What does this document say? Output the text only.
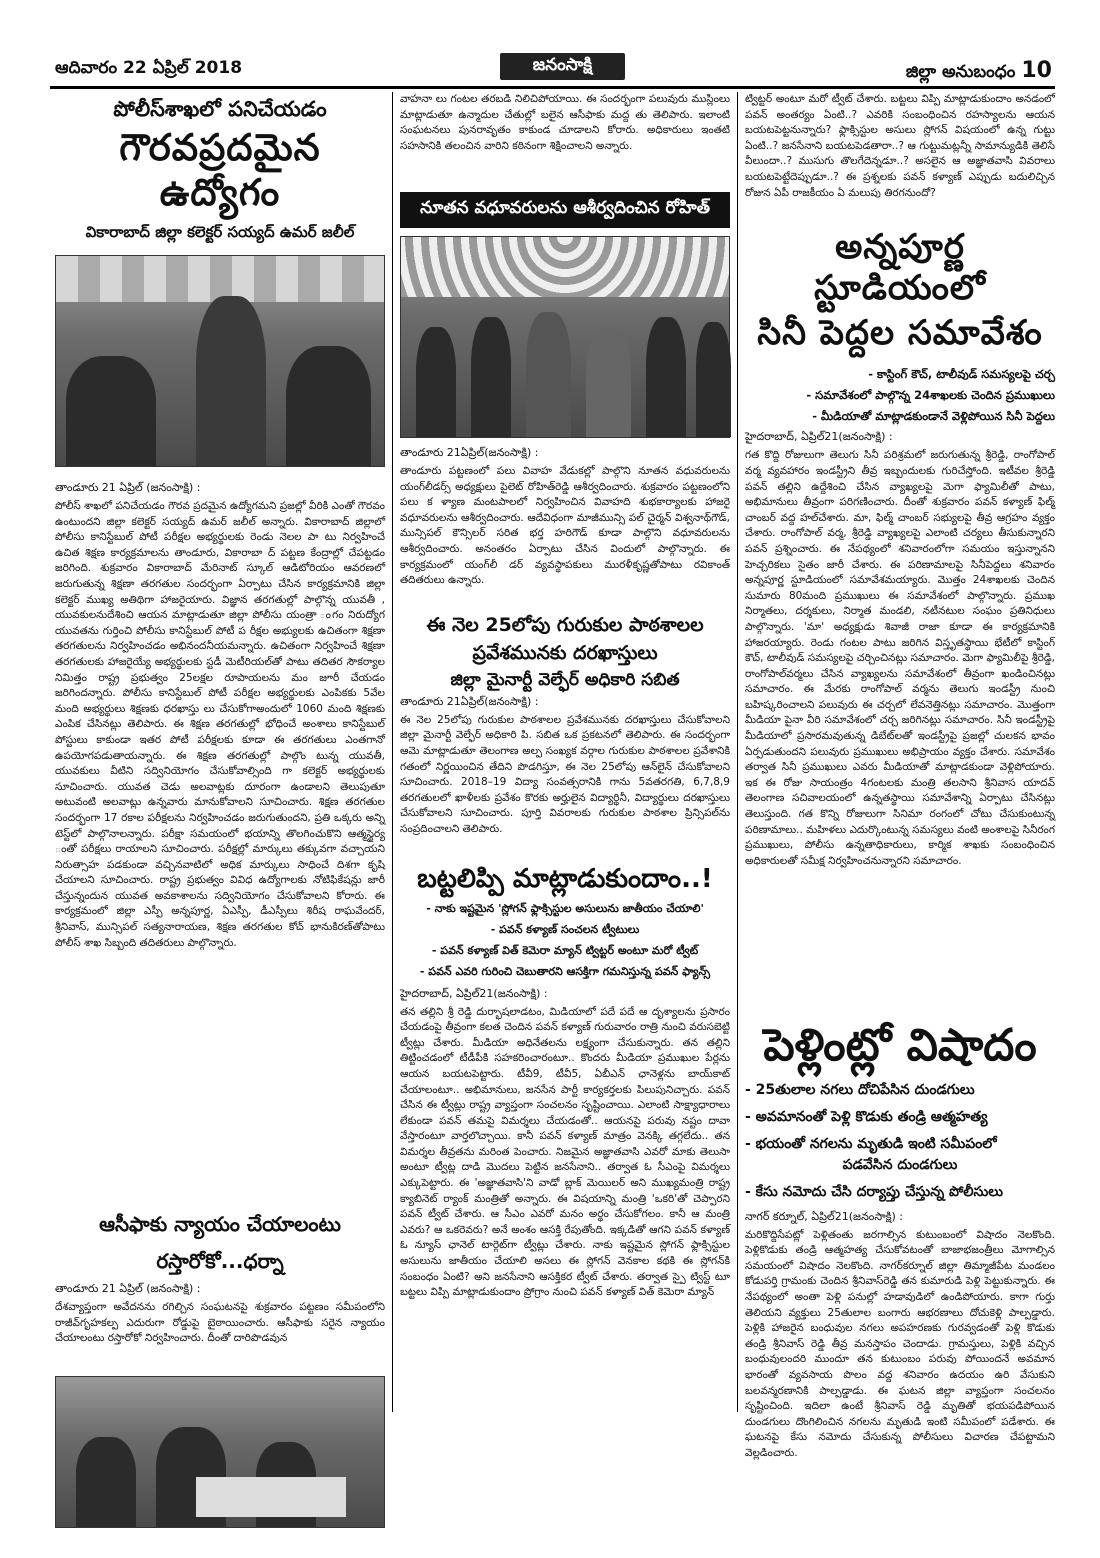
ఆదివారం 22 ఏప్రిల్ 2018	జనంసాక్షి	జిల్లా అనుబంధం 10
పోలీస్‌శాఖలో పనిచేయడం
గౌరవప్రదమైన ఉద్యోగం
వికారాబాద్ జిల్లా కలెక్టర్ సయ్యద్ ఉమర్ జలీల్
తాండూరు 21 ఏప్రిల్ (జనంసాక్షి) :
పోలీస్ శాఖలో పనిచేయడం గౌరవ ప్రదమైన ఉద్యోగమని ప్రజల్లో వీరికి ఎంతో గౌరవం ఉంటుందని జిల్లా కలెక్టర్ సయ్యద్ ఉమర్ జలీల్ అన్నారు. వికారాబాద్ జిల్లాలో పోలీసు కానిస్టేబుల్ పోటీ పరీక్షల అభ్యర్థులకు రెండు నెలల పా టు నిర్వహించే ఉచిత శిక్షణ కార్యక్రమాలను తాండూరు, వికారాబా ద్ పట్టణ కేంద్రాల్లో చేపట్టడం జరిగింది. శుక్రవారం వికారాబాద్ మేరినాట్ స్కూల్ ఆడిటోరియం ఆవరణలో జరుగుతున్న శిక్షణా తరగతుల సందర్భంగా ఏర్పాటు చేసిన కార్యక్రమానికి జిల్లా కలెక్టర్ ముఖ్య అతిథిగా హాజరైయారు. విజ్ఞాన తరగతుల్లో పాల్గొన్న యువతీ , యువకులనుదేశించి ఆయన మాట్లాడుతూ జిల్లా పోలీసు యంత్రా ంగం నిరుద్యోగ యువతను గుర్తించి పోలీసు కానిస్టేబుల్ పోటీ ప రీక్షల అభ్యులకు ఉచితంగా శిక్షణా తరగతులను నిర్వహించడం అభినందనీయమన్నారు. ఉచితంగా నిర్వహించే శిక్షణా తరగతులకు హాజరైయ్యే అభ్యర్థులకు స్టడీ మెటీరియల్‌తో పాటు తదితర సౌకర్యాల నిమిత్తం రాష్ట్ర ప్రభుత్వం 25లక్షల రూపాయలను మం జూరీ చేయడం జరిగిందన్నారు. పోలీసు కానిస్టేబుల్ పోటీ పరీక్షల అభ్యర్థులకు ఎంపికకు 5వేల మంది అభ్యర్థులు శిక్షణకు ధరఖాస్తు లు చేసుకోగాఅందులో 1060 మంది శిక్షణకు ఎంపిక చేసినట్లు తెలిపారు. ఈ శిక్షణ తరగతుల్లో భోధించే అంశాలు కానిస్టేబుల్ పోస్టులు కాకుండా ఇతర పోటీ పరీక్షలకు కూడా ఈ తరగతులు ఎంతగానో ఉపయోగపడుతాయన్నారు. ఈ శిక్షణ తరగతుల్లో పాల్గొం టున్న యువతీ, యువకులు వీటిని సద్వినియోగం చేసుకోవాల్సింది గా కలెక్టర్ అభ్యర్థులకు సూచించారు. యువత చెడు అలవాట్లకు దూరంగా ఉండాలని తెలుపుతూ అటువంటి అలవాట్లు ఉన్నవారు మానుకోవాలని సూచించారు. శిక్షణ తరగతుల సందర్భంగా 17 రకాల పరీక్షలను నిర్వహించడం జరుగుతుందని, ప్రతి ఒక్కరు అన్ని టెస్ట్‌లో పాల్గొనాలన్నారు. పరీక్షా సమయంలో భయాన్ని తొలగించుకొని ఆత్మస్థైర్య ంతో పరీక్షలు రాయాలని సూచించారు. పరీక్షల్లో మార్కులు తక్కువగా వచ్చాయని నిరుత్సాహ పడకుండా వచ్చినవాటిలో అధిక మార్కులు సాధించే దిశగా కృషి చేయాలని సూచించారు. రాష్ట్ర ప్రభుత్వం వివిధ ఉద్యోగాలకు నోటిఫికేషన్లు జారీ చేస్తున్నందున యువత అవకాశాలను సద్వినియోగం చేసుకోవాలని కోరారు. ఈ కార్యక్రమంలో జిల్లా ఎస్పీ అన్నపూర్ణ, ఏఎస్పీ, డీఎస్పీలు శిరీష రాఘవేందర్, శ్రీనివాస్, మున్సిపల్ సత్యనారాయణ, శిక్షణ తరగతుల కోచ్ భానుకిరణ్‌తోపాటు పోలీస్ శాఖ సిబ్బంది తదితరులు పాల్గొన్నారు.
ఆసీఫాకు న్యాయం చేయాలంటు
రస్తారోకో...ధర్నా
తాండూరు 21 ఏప్రిల్ (జనంసాక్షి) :
దేశవ్యాప్తంగా అవేదనను రగిల్చిన సంఘటనపై శుక్రవారం పట్టణం సమీపంలోని రాజీవ్‌గృహకల్ప ఎదురుగా రోడ్డుపై బైఠాయించారు. ఆసీఫాకు సరైన న్యాయం చేయాలంటు రస్తారోకో నిర్వహించారు. దీంతో దారిపొడవున
వాహనా లు గంటల తరబడి నిలిచిపోయాయి. ఈ సందర్భంగా పలువురు ముస్లింలు మాట్లాడుతూ ఉన్మాదుల చేతుల్లో బలైన ఆసీఫాకు మద్ద తు తెలిపారు. ఇలాంటి సంఘటనలు పునరావృతం కాకుండ చూడాలని కోరారు. అధికారులు ఇంతటి సహసానికి తలంచిన వారిని కఠినంగా శిక్షించాలని అన్నారు.
నూతన వధూవరులను ఆశీర్వదించిన రోహిత్
తాండూరు 21ఏప్రిల్(జనంసాక్షి) :
తాండూరు పట్టణంలో పలు వివాహ వేడుకల్లో పాల్గొని నూతన వధువరులను యంగ్‌లీడర్స్ అధ్యక్షులు పైలెట్ రోహిత్‌రెడ్డి ఆశీర్వదించారు. శుక్రవారం పట్టణంలోని పలు క ళ్యాణ మంటపాలలో నిర్వహించిన వివాహది శుభకార్యాలకు హాజరై వధూవరులను ఆశీర్వదించారు. ఆదేవిధంగా మాజీమున్సి పల్ చైర్మన్ విశ్వనాథ్‌గౌడ్, మున్సిపల్ కౌన్సిలర్ సరిత భర్త హరిగౌడ్ కూడా పాల్గొని వధూవరులను ఆశీర్వదించారు. అనంతరం ఏర్పాటు చేసిన విందులో పాల్గొన్నారు. ఈ కార్యక్రమంలో యంగ్‌లీ డర్ వ్యవస్థాపకులు మురళీకృష్ణతోపాటు రవికాంత్ తదితరులు ఉన్నారు.
ఈ నెల 25లోపు గురుకుల పాఠశాలల
ప్రవేశమునకు దరఖాస్తులు
జిల్లా మైనార్టీ వెల్ఫేర్ అధికారి సబిత
తాండూరు 21ఏప్రిల్(జనంసాక్షి) :
ఈ నెల 25లోపు గురుకుల పాఠశాలల ప్రవేశమునకు దరఖాస్తులు చేసుకోవాలని జిల్లా మైనార్టీ వెల్ఫేర్ అధికారి పి. సబిత ఒక ప్రకటనలో తెలిపారు. ఈ సందర్భంగా ఆమె మాట్లాడుతూ తెలంగాణ అల్ప సంఖ్యక వర్గాల గురుకుల పాఠశాలల ప్రవేశానికి గతంలో నిర్ణయించిన తేదిని పొడగిస్తూ, ఈ నెల 25లోపు ఆన్‌లైన్ చేసుకోవాలని సూచించారు. 2018–19 విద్యా సంవత్సరానికి గాను 5వతరగతి, 6,7,8,9 తరగతులలో ఖాళీలకు ప్రవేశం కొరకు అర్హులైన విద్యార్థినీ, విద్యార్థులు దరఖాస్తులు చేసుకోవాలని సూచించారు. పూర్తి వివరాలకు గురుకుల పాఠశాల ప్రిన్సిపల్‌ను సంప్రదించాలని తెలిపారు.
బట్టలిప్పి మాట్లాడుకుందాం..!
- నాకు ఇష్టమైన 'స్లోగన్ ఫ్లాక్సిస్టుల అసులును జాతీయం చేయాలి'
- పవన్ కళ్యాణ్ సంచలన ట్వీటులు
- పవన్ కళ్యాణ్ విత్ కెమెరా మ్యాన్ ట్విట్టర్ అంటూ మరో ట్వీట్
- పవన్ ఎవరి గురించి చెబుతారని ఆసక్తిగా గమనిస్తున్న పవన్ ఫ్యాన్స్
హైదరాబాద్, ఏప్రిల్21(జనంసాక్షి) :
తన తల్లిని శ్రీ రెడ్డి దుర్భాషలాడటం, మిడియాలో పదే పదే ఆ దృశ్యాలను ప్రసారం చేయడంపై తీవ్రంగా కలత చెందిన పవన్ కళ్యాణ్ గురువారం రాత్రి నుంచి వరుసబెట్టి ట్వీట్లు చేశారు. మీడియా అధినేతలను లక్ష్యంగా చేసుకున్నారు. తన తల్లిని తిట్టించడంలో టీడీపీకి సహకరించారంటూ.. కొందరు మీడియా ప్రముఖుల పేర్లను ఆయన బయటపెట్టారు. టీవీ9, టీవీ5, ఏబీఎన్ ఛానెళ్లను బాయ్‌కాట్ చేయాలంటూ.. అభిమానులు, జనసేన పార్టీ కార్యకర్తలకు పిలుపునిచ్చారు. పవన్ చేసిన ఈ ట్వీట్లు రాష్ట్ర వ్యాప్తంగా సంచలనం సృష్టించాయి. ఎలాంటి సాక్ష్యాధారాలు లేకుండా పవన్ తమపై విమర్శలు చేయడంతో.. ఆయనపై పరువు నష్టం దావా వేస్తారంటూ వార్తలొచ్చాయి. కానీ పవన్ కళ్యాణ్ మాత్రం వెనక్కి తగ్గలేదు.. తన విమర్శల తీవ్రతను మరింత పెంచారు. నిజమైన అజ్ఞాతవాసి ఎవరో మాకు తెలుసా అంటూ ట్వీట్ల దాడి మొదలు పెట్టిన జనసేనాని.. తర్వాత ఓ సీఎంపై విమర్శలు ఎక్కుపెట్టారు. ఈ 'అజ్ఞాతవాసి'ని వాడో బ్లాక్ మెయిలర్ అని ముఖ్యమంత్రి రాష్ట్ర క్యాబినెట్ ర్యాంక్ మంత్రితో అన్నారు. ఈ విషయాన్ని మంత్రి 'ఒకరి'తో చెప్పారని పవన్ ట్వీట్ చేశారు. ఆ సీఎం ఎవరో మనం అర్థం చేసుకోగలం. కానీ ఆ మంత్రి ఎవరు? ఆ ఒకరెవరు? అనే అంశం ఆసక్తి రేపుతోంది. ఇక్కడితో ఆగని పవన్ కళ్యాణ్ ఓ న్యూస్ ఛానెల్ టార్గెట్‌గా ట్వీట్లు చేశారు. నాకు ఇష్టమైన స్లోగన్ ఫ్లాక్సిస్టుల అసులును జాతీయం చేయాలి అసలు ఈ స్లోగన్ వెనకాల కథకి ఈ స్లోగన్‌కి సంబంధం ఏంటి? అని జనసేనాని ఆసక్తికర ట్వీట్ చేశారు. తర్వాత స్పై ట్విస్ట్ టూ బట్టలు విప్పి మాట్లాడుకుందాం ప్రోగ్రాం నుంచి పవన్ కళ్యాణ్ విత్ కెమెరా మ్యాన్
ట్విట్టర్ అంటూ మరో ట్వీట్ చేశారు. బట్టలు విప్పి మాట్లాడుకుందాం అనడంలో పవన్ అంతర్యం ఏంటి..? ఎవరికి సంబంధించిన రహస్యాలను ఆయన బయటపెట్టనున్నారు? ఫ్లాక్సిస్టుల అసులు స్లోగన్ విషయంలో ఉన్న గుట్టు ఏంటి..? జనసేనాని బయటపెడతారా..? ఆ గుట్టుమట్లన్నీ సామాన్యుడికి తెలిసే వీలుందా..? ముసుగు తొలగేదెన్నడూ..? అసలైన ఆ అజ్ఞాతవాసి వివరాలు బయటపెట్టేదెప్పుడూ..? ఈ ప్రశ్నలకు పవన్ కళ్యాణ్ ఎప్పుడు బదులిచ్చిన రోజున ఏపీ రాజకీయం ఏ మలుపు తిరగనుందో?
అన్నపూర్ణ స్టూడియంలో
సినీ పెద్దల సమావేశం
- కాస్టింగ్ కౌచ్, టాలీవుడ్ సమస్యలపై చర్చ
- సమావేశంలో పాల్గొన్న 24శాఖలకు చెందిన ప్రముఖులు
- మీడియాతో మాట్లాడకుండానే వెళ్లిపోయిన సినీ పెద్దలు
హైదరాబాద్, ఏప్రిల్21(జనంసాక్షి) :
గత కొద్ది రోజులుగా తెలుగు సినీ పరిశ్రమలో జరుగుతున్న శ్రీరెడ్డి, రాంగోపాల్ వర్మ వ్యవహారం ఇండస్ట్రీని తీవ్ర ఇబ్బందులకు గురిచేస్తోంది. ఇటీవల శ్రీరెడ్డి పవన్ తల్లిని ఉద్దేశించి చేసిన వ్యాఖ్యలపై మెగా ఫ్యామిలీతో పాటు, అభిమానులు తీవ్రంగా పరిగణించారు. దీంతో శుక్రవారం పవన్ కళ్యాణ్ ఫిల్మ్ చాంబర్ వద్ద హల్‌చేశారు. మా, ఫిల్మ్ చాంబర్ సభ్యులపై తీవ్ర ఆగ్రహం వ్యక్తం చేశారు. రాంగోపాల్ వర్మ, శ్రీరెడ్డి వ్యాఖ్యలపై ఎలాంటి చర్యలు తీసుకున్నారని పవన్ ప్రశ్నించారు. ఈ నేపథ్యంలో శనివారంలోగా సమయం ఇస్తున్నానని హెచ్చరికలు సైతం జారీ చేశారు. ఈ పరిణామాలపై సినీపెద్దలు శనివారం అన్నపూర్ణ స్టూడియంలో సమావేశమయ్యారు. మొత్తం 24శాఖలకు చెందిన సుమారు 80మంది ప్రముఖులు ఈ సమావేశంలో పాల్గొన్నారు. ప్రముఖ నిర్మాతలు, దర్శకులు, నిర్మాత మండలి, నటీనటుల సంఘం ప్రతినిధులు పాల్గొన్నారు. 'మా' అధ్యక్షుడు శివాజీ రాజా కూడా ఈ కార్యక్రమానికి హాజరయ్యారు. రెండు గంటల పాటు జరిగిన విస్తృతస్థాయి భేటీలో కాస్టింగ్ కౌచ్, టాలీవుడ్ సమస్యలపై చర్చించినట్లు సమాచారం. మెగా ఫ్యామిలీపై శ్రీరెడ్డి, రాంగోపాల్‌వర్మలు చేసిన వ్యాఖ్యలను సమావేశంలో తీవ్రంగా ఖండించినట్లు సమాచారం. ఈ మేరకు రాంగోపాల్ వర్మను తెలుగు ఇండస్ట్రీ నుంచి బహిష్కరించాలని పలువురు ఈ చర్చలో లేవనెత్తినట్లు సమాచారం. మొత్తంగా మీడియా పైనా వీరి సమావేశంలో చర్చ జరిగినట్లు సమాచారం. సినీ ఇండస్ట్రీపై మీడియాలో ప్రసారమవుతున్న డిబేట్‌లతో ఇండస్ట్రీపై ప్రజల్లో చులకన భావం ఏర్పడుతుందని పలువురు ప్రముఖులు అభిప్రాయం వ్యక్తం చేశారు. సమావేశం తర్వాత సినీ ప్రముఖులు ఎవరు మీడియాతో మాట్లాడకుండా వెళ్లిపోయారు. ఇక ఈ రోజు సాయంత్రం 4గంటలకు మంత్రి తలసాని శ్రీనివాస యాదవ్ తెలంగాణ సచివాలయంలో ఉన్నతస్థాయి సమావేశాన్ని ఏర్పాటు చేసినట్లు తెలుస్తుంది. గత కొన్ని రోజులుగా సినిమా రంగంలో చోటు చేసుకుంటున్న పరిణామాలు.. మహిళలు ఎదుర్కొంటున్న సమస్యలు వంటి అంశాలపై సినీరంగ ప్రముఖులు, పోలీసు ఉన్నతాధికారులు, కార్మిక శాఖకు సంబంధించిన అధికారులతో సమీక్ష నిర్వహించనున్నారని సమాచారం.
పెళ్లింట్లో విషాదం
- 25తులాల నగలు దోచిపేసిన దుండగులు
- అవమానంతో పెళ్లి కొడుకు తండ్రి ఆత్మహత్య
- భయంతో నగలను మృతుడి ఇంటి సమీపంలో
పడవేసిన దుండగులు
- కేసు నమోదు చేసి దర్యాప్తు చేస్తున్న పోలీసులు
నాగర్ కర్నూల్, ఏప్రిల్21(జనంసాక్షి) :
మరికొద్దిసేపట్లో పెళ్లితంతు జరగాల్సిన కుటుంబంలో విషాదం నెలకొంది. పెళ్లికొడుకు తండ్రి ఆత్మహత్య చేసుకోవటంతో బాజాభజంత్రీలు మోగాల్సిన సమయంలో విషాదం నెలకొంది. నాగర్‌కర్నూల్ జిల్లా తిమ్మాజీపేట మండలం కోడుపర్తి గ్రామంకు చెందిన శ్రీనివాస్‌రెడ్డి తన కుమారుడి పెళ్లి పెట్టుకున్నారు. ఈ నేపథ్యంలో అంతా పెళ్లి పనుల్లో హడావుడిలో ఉండిపోయారు. కాగా గుర్తు తెలియని వ్యక్తులు 25తులాల బంగారు ఆభరణాలు దోచుకెళ్లి పాల్పడ్డారు. పెళ్లికి హాజరైన బంధువుల నగలు అపహరణకు గురవ్వడంతో పెళ్లి కొడుకు తండ్రి శ్రీనివాస్ రెడ్డి తీవ్ర మనస్తాపం చెందాడు. గ్రామస్తులు, పెళ్లికి వచ్చిన బంధువులందరి ముందూ తన కుటుంబం పరువు పోయిందనే అవమాన భారంతో వ్యవసాయ పొలం వద్ద శనివారం ఉదయం ఉరి వేసుకుని బలవన్మరణానికి పాల్పడ్డాడు. ఈ ఘటన జిల్లా వ్యాప్తంగా సంచలనం సృష్టించింది. ఇదిలా ఉంటే శ్రీనివాస్ రెడ్డి మృతితో భయపడిపోయిన దుండగులు దొంగిలించిన నగలను మృతుడి ఇంటి సమీపంలో పడేశారు. ఈ ఘటనపై కేసు నమోదు చేసుకున్న పోలీసులు విచారణ చేపట్టామని వెల్లడించారు.
